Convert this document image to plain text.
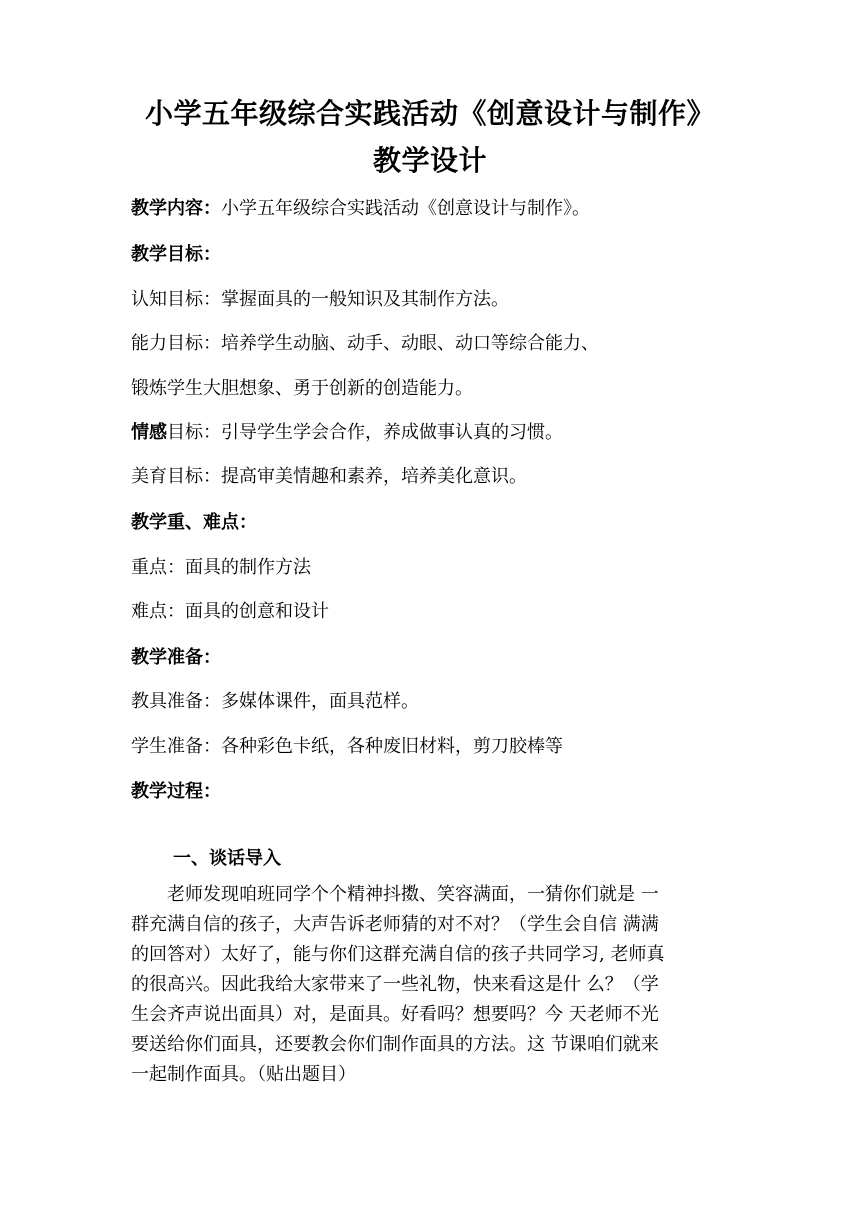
小学五年级综合实践活动《创意设计与制作》
教学设计

教学内容：小学五年级综合实践活动《创意设计与制作》。

教学目标：

认知目标：掌握面具的一般知识及其制作方法。

能力目标：培养学生动脑、动手、动眼、动口等综合能力、

锻炼学生大胆想象、勇于创新的创造能力。

情感目标：引导学生学会合作，养成做事认真的习惯。

美育目标：提高审美情趣和素养，培养美化意识。

教学重、难点：

重点：面具的制作方法

难点：面具的创意和设计

教学准备：

教具准备：多媒体课件，面具范样。

学生准备：各种彩色卡纸，各种废旧材料，剪刀胶棒等

教学过程：

一、谈话导入

　　老师发现咱班同学个个精神抖擞、笑容满面，一猜你们就是 一
群充满自信的孩子，大声告诉老师猜的对不对？（学生会自信 满满
的回答对）太好了，能与你们这群充满自信的孩子共同学习, 老师真
的很高兴。因此我给大家带来了一些礼物，快来看这是什 么？（学
生会齐声说出面具）对，是面具。好看吗？想要吗？今 天老师不光
要送给你们面具，还要教会你们制作面具的方法。这 节课咱们就来
一起制作面具。（贴出题目）
